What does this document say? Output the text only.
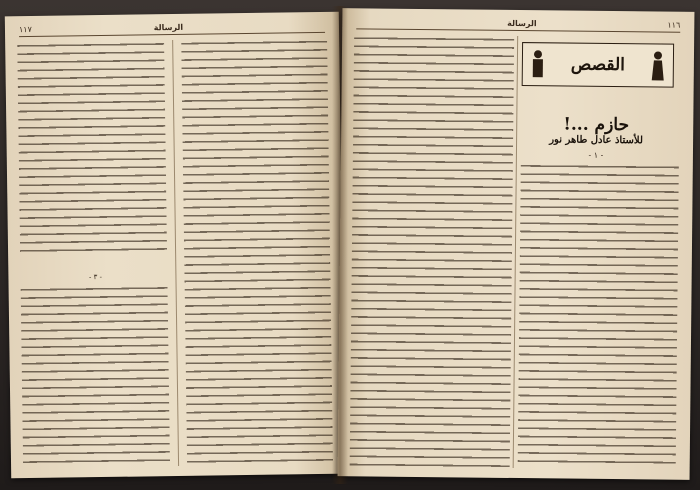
١١٧	الرسالة
- ٣ -
الرسالة	١١٦
القصص
حازم ...!
للأستاذ عادل طاهر نور
- ١ -
